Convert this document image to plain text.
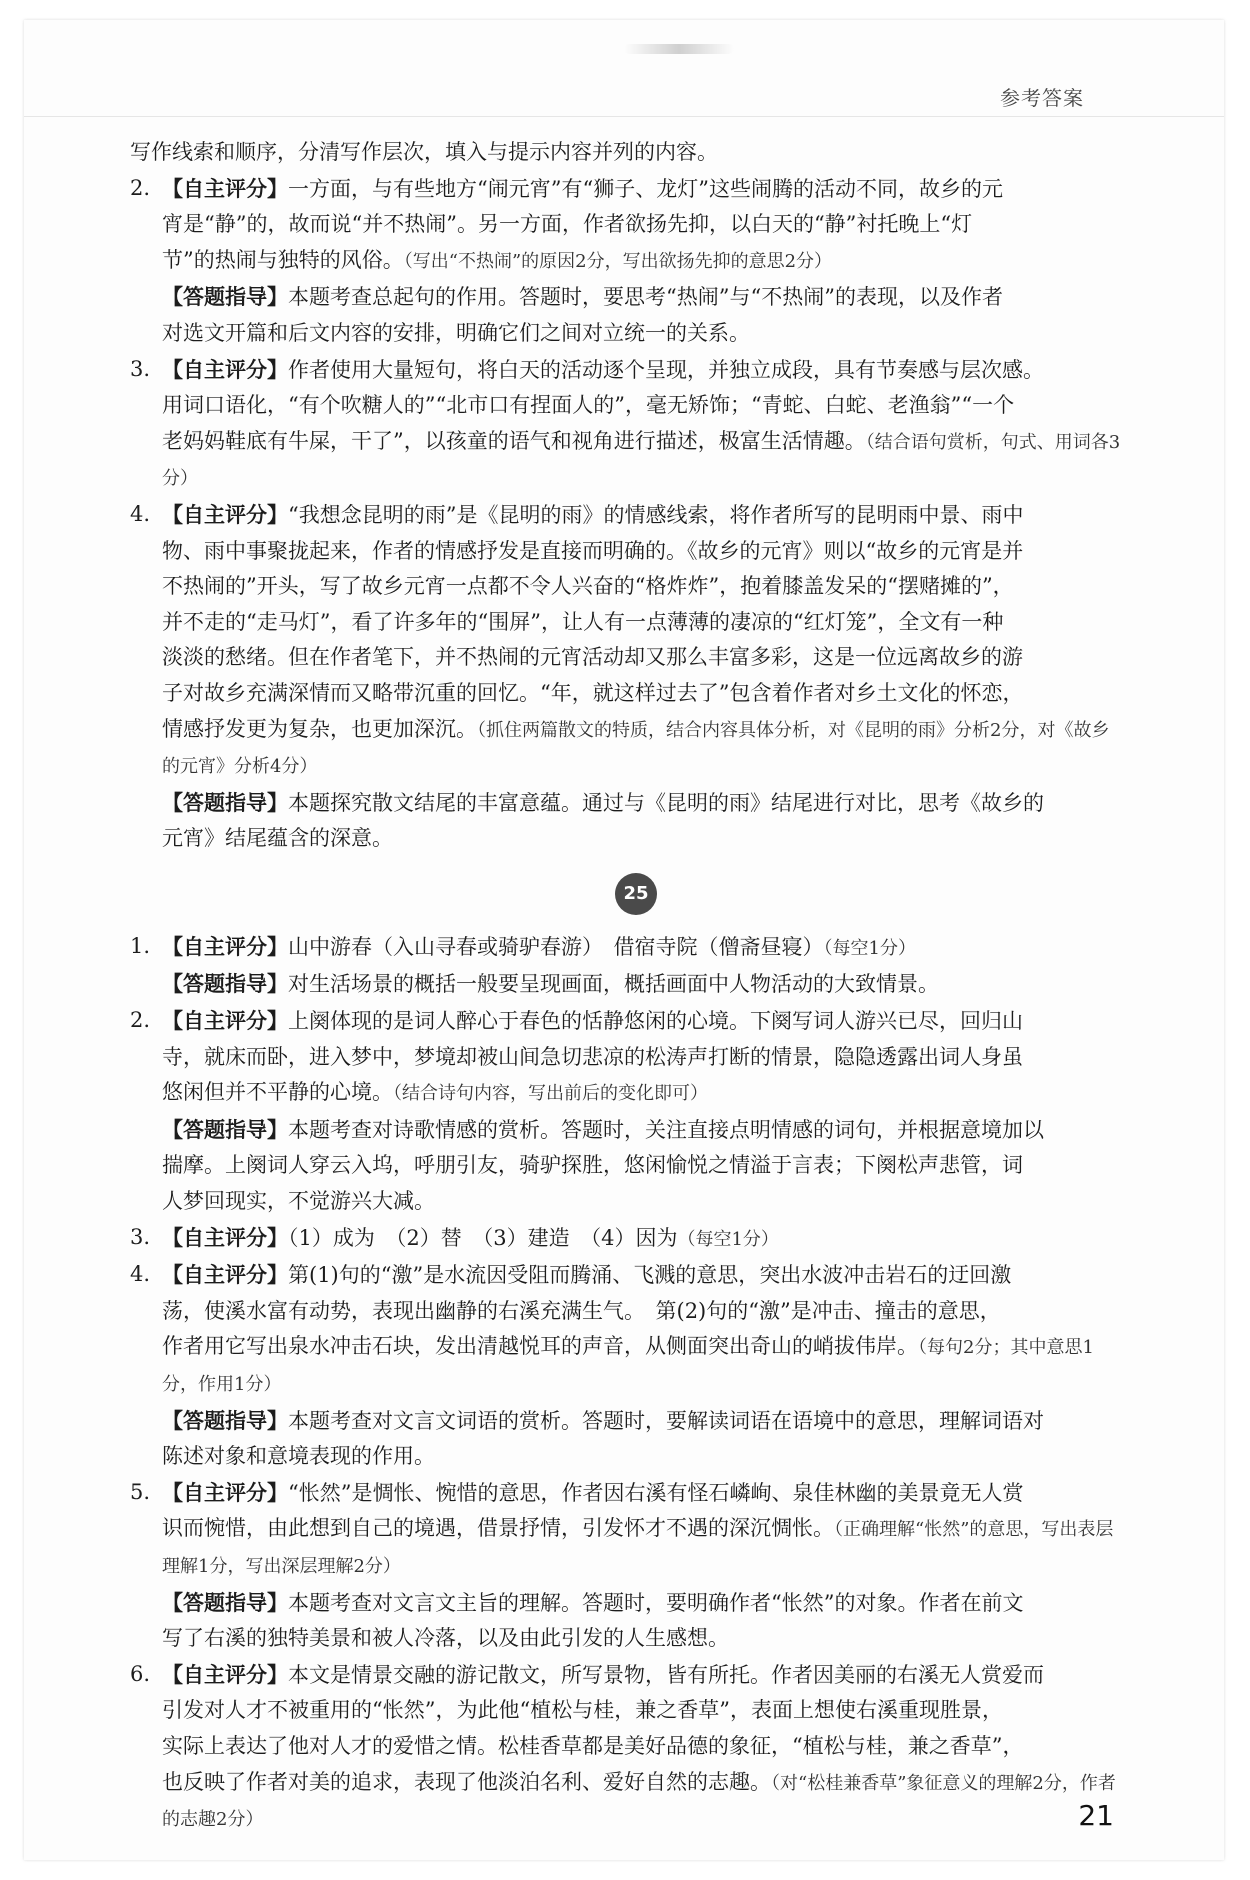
参考答案
21
写作线索和顺序，分清写作层次，填入与提示内容并列的内容。
2. 【自主评分】一方面，与有些地方“闹元宵”有“狮子、龙灯”这些闹腾的活动不同，故乡的元
宵是“静”的，故而说“并不热闹”。另一方面，作者欲扬先抑，以白天的“静”衬托晚上“灯
节”的热闹与独特的风俗。（写出“不热闹”的原因2分，写出欲扬先抑的意思2分）
【答题指导】本题考查总起句的作用。答题时，要思考“热闹”与“不热闹”的表现，以及作者
对选文开篇和后文内容的安排，明确它们之间对立统一的关系。
3. 【自主评分】作者使用大量短句，将白天的活动逐个呈现，并独立成段，具有节奏感与层次感。
用词口语化，“有个吹糖人的”“北市口有捏面人的”，毫无矫饰；“青蛇、白蛇、老渔翁”“一个
老妈妈鞋底有牛屎，干了”，以孩童的语气和视角进行描述，极富生活情趣。（结合语句赏析，句式、用词各3分）
4. 【自主评分】“我想念昆明的雨”是《昆明的雨》的情感线索，将作者所写的昆明雨中景、雨中
物、雨中事聚拢起来，作者的情感抒发是直接而明确的。《故乡的元宵》则以“故乡的元宵是并
不热闹的”开头，写了故乡元宵一点都不令人兴奋的“格炸炸”，抱着膝盖发呆的“摆赌摊的”，
并不走的“走马灯”，看了许多年的“围屏”，让人有一点薄薄的凄凉的“红灯笼”，全文有一种
淡淡的愁绪。但在作者笔下，并不热闹的元宵活动却又那么丰富多彩，这是一位远离故乡的游
子对故乡充满深情而又略带沉重的回忆。“年，就这样过去了”包含着作者对乡土文化的怀恋，
情感抒发更为复杂，也更加深沉。（抓住两篇散文的特质，结合内容具体分析，对《昆明的雨》分析2分，对《故乡的元宵》分析4分）
【答题指导】本题探究散文结尾的丰富意蕴。通过与《昆明的雨》结尾进行对比，思考《故乡的
元宵》结尾蕴含的深意。
25
1. 【自主评分】山中游春（入山寻春或骑驴春游）　借宿寺院（僧斋昼寝）（每空1分）
【答题指导】对生活场景的概括一般要呈现画面，概括画面中人物活动的大致情景。
2. 【自主评分】上阕体现的是词人醉心于春色的恬静悠闲的心境。下阕写词人游兴已尽，回归山
寺，就床而卧，进入梦中，梦境却被山间急切悲凉的松涛声打断的情景，隐隐透露出词人身虽
悠闲但并不平静的心境。（结合诗句内容，写出前后的变化即可）
【答题指导】本题考查对诗歌情感的赏析。答题时，关注直接点明情感的词句，并根据意境加以
揣摩。上阕词人穿云入坞，呼朋引友，骑驴探胜，悠闲愉悦之情溢于言表；下阕松声悲管，词
人梦回现实，不觉游兴大减。
3. 【自主评分】（1）成为　（2）替　（3）建造　（4）因为（每空1分）
4. 【自主评分】第(1)句的“激”是水流因受阻而腾涌、飞溅的意思，突出水波冲击岩石的迂回激
荡，使溪水富有动势，表现出幽静的右溪充满生气。　第(2)句的“激”是冲击、撞击的意思，
作者用它写出泉水冲击石块，发出清越悦耳的声音，从侧面突出奇山的峭拔伟岸。（每句2分；其中意思1分，作用1分）
【答题指导】本题考查对文言文词语的赏析。答题时，要解读词语在语境中的意思，理解词语对
陈述对象和意境表现的作用。
5. 【自主评分】“怅然”是惆怅、惋惜的意思，作者因右溪有怪石嶙峋、泉佳林幽的美景竟无人赏
识而惋惜，由此想到自己的境遇，借景抒情，引发怀才不遇的深沉惆怅。（正确理解“怅然”的意思，写出表层理解1分，写出深层理解2分）
【答题指导】本题考查对文言文主旨的理解。答题时，要明确作者“怅然”的对象。作者在前文
写了右溪的独特美景和被人冷落，以及由此引发的人生感想。
6. 【自主评分】本文是情景交融的游记散文，所写景物，皆有所托。作者因美丽的右溪无人赏爱而
引发对人才不被重用的“怅然”，为此他“植松与桂，兼之香草”，表面上想使右溪重现胜景，
实际上表达了他对人才的爱惜之情。松桂香草都是美好品德的象征，“植松与桂，兼之香草”，
也反映了作者对美的追求，表现了他淡泊名利、爱好自然的志趣。（对“松桂兼香草”象征意义的理解2分，作者的志趣2分）
